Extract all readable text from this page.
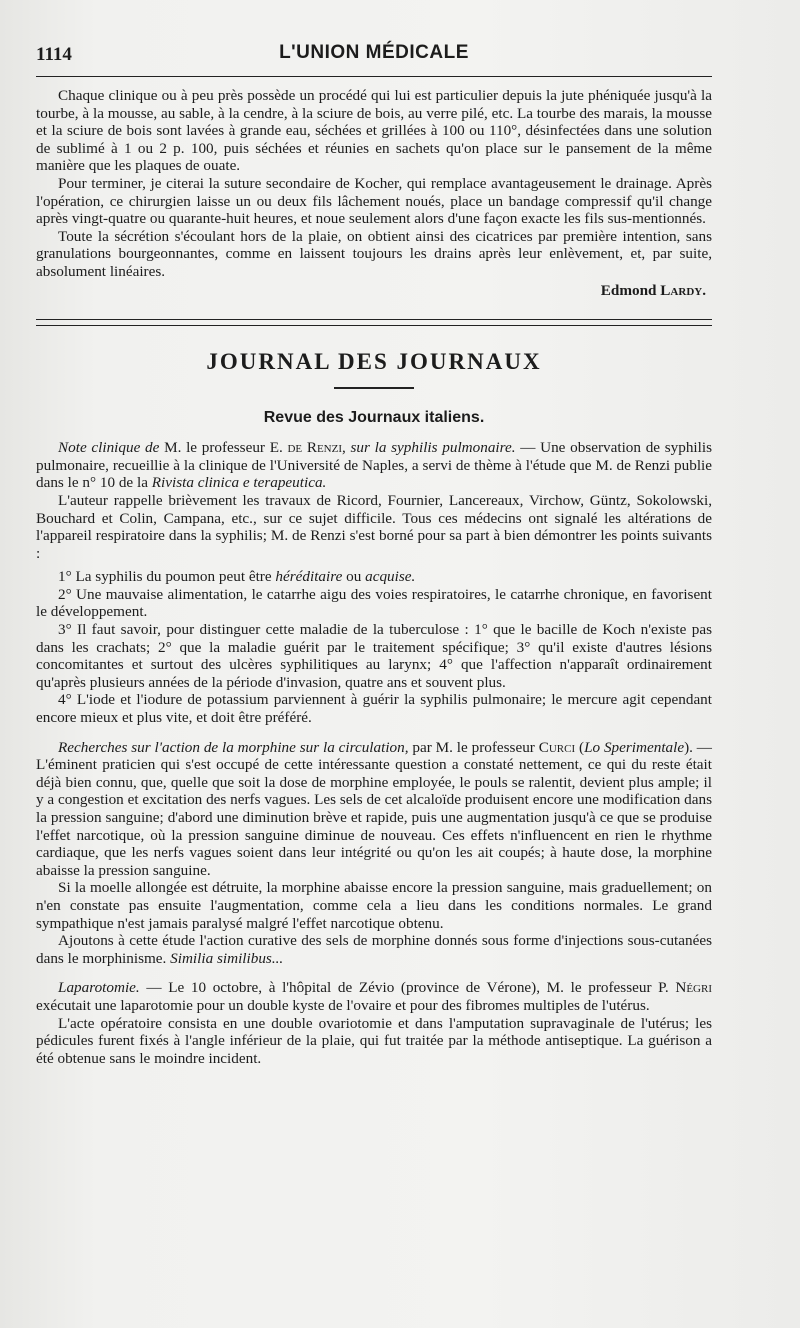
1114	L'UNION MÉDICALE

Chaque clinique ou à peu près possède un procédé qui lui est particulier depuis la jute phéniquée jusqu'à la tourbe, à la mousse, au sable, à la cendre, à la sciure de bois, au verre pilé, etc. La tourbe des marais, la mousse et la sciure de bois sont lavées à grande eau, séchées et grillées à 100 ou 110°, désinfectées dans une solution de sublimé à 1 ou 2 p. 100, puis séchées et réunies en sachets qu'on place sur le pansement de la même manière que les plaques de ouate.

Pour terminer, je citerai la suture secondaire de Kocher, qui remplace avantageusement le drainage. Après l'opération, ce chirurgien laisse un ou deux fils lâchement noués, place un bandage compressif qu'il change après vingt-quatre ou quarante-huit heures, et noue seulement alors d'une façon exacte les fils sus-mentionnés.

Toute la sécrétion s'écoulant hors de la plaie, on obtient ainsi des cicatrices par première intention, sans granulations bourgeonnantes, comme en laissent toujours les drains après leur enlèvement, et, par suite, absolument linéaires.

Edmond Lardy.
JOURNAL DES JOURNAUX
Revue des Journaux italiens.

Note clinique de M. le professeur E. de Renzi, sur la syphilis pulmonaire. — Une observation de syphilis pulmonaire, recueillie à la clinique de l'Université de Naples, a servi de thème à l'étude que M. de Renzi publie dans le n° 10 de la Rivista clinica e terapeutica.

L'auteur rappelle brièvement les travaux de Ricord, Fournier, Lancereaux, Virchow, Güntz, Sokolowski, Bouchard et Colin, Campana, etc., sur ce sujet difficile. Tous ces médecins ont signalé les altérations de l'appareil respiratoire dans la syphilis; M. de Renzi s'est borné pour sa part à bien démontrer les points suivants :

1° La syphilis du poumon peut être héréditaire ou acquise.

2° Une mauvaise alimentation, le catarrhe aigu des voies respiratoires, le catarrhe chronique, en favorisent le développement.

3° Il faut savoir, pour distinguer cette maladie de la tuberculose : 1° que le bacille de Koch n'existe pas dans les crachats; 2° que la maladie guérit par le traitement spécifique; 3° qu'il existe d'autres lésions concomitantes et surtout des ulcères syphilitiques au larynx; 4° que l'affection n'apparaît ordinairement qu'après plusieurs années de la période d'invasion, quatre ans et souvent plus.

4° L'iode et l'iodure de potassium parviennent à guérir la syphilis pulmonaire; le mercure agit cependant encore mieux et plus vite, et doit être préféré.

Recherches sur l'action de la morphine sur la circulation, par M. le professeur Curci (Lo Sperimentale). — L'éminent praticien qui s'est occupé de cette intéressante question a constaté nettement, ce qui du reste était déjà bien connu, que, quelle que soit la dose de morphine employée, le pouls se ralentit, devient plus ample; il y a congestion et excitation des nerfs vagues. Les sels de cet alcaloïde produisent encore une modification dans la pression sanguine; d'abord une diminution brève et rapide, puis une augmentation jusqu'à ce que se produise l'effet narcotique, où la pression sanguine diminue de nouveau. Ces effets n'influencent en rien le rhythme cardiaque, que les nerfs vagues soient dans leur intégrité ou qu'on les ait coupés; à haute dose, la morphine abaisse la pression sanguine.

Si la moelle allongée est détruite, la morphine abaisse encore la pression sanguine, mais graduellement; on n'en constate pas ensuite l'augmentation, comme cela a lieu dans les conditions normales. Le grand sympathique n'est jamais paralysé malgré l'effet narcotique obtenu.

Ajoutons à cette étude l'action curative des sels de morphine donnés sous forme d'injections sous-cutanées dans le morphinisme. Similia similibus...

Laparotomie. — Le 10 octobre, à l'hôpital de Zévio (province de Vérone), M. le professeur P. Négri exécutait une laparotomie pour un double kyste de l'ovaire et pour des fibromes multiples de l'utérus.

L'acte opératoire consista en une double ovariotomie et dans l'amputation supravaginale de l'utérus; les pédicules furent fixés à l'angle inférieur de la plaie, qui fut traitée par la méthode antiseptique. La guérison a été obtenue sans le moindre incident.
